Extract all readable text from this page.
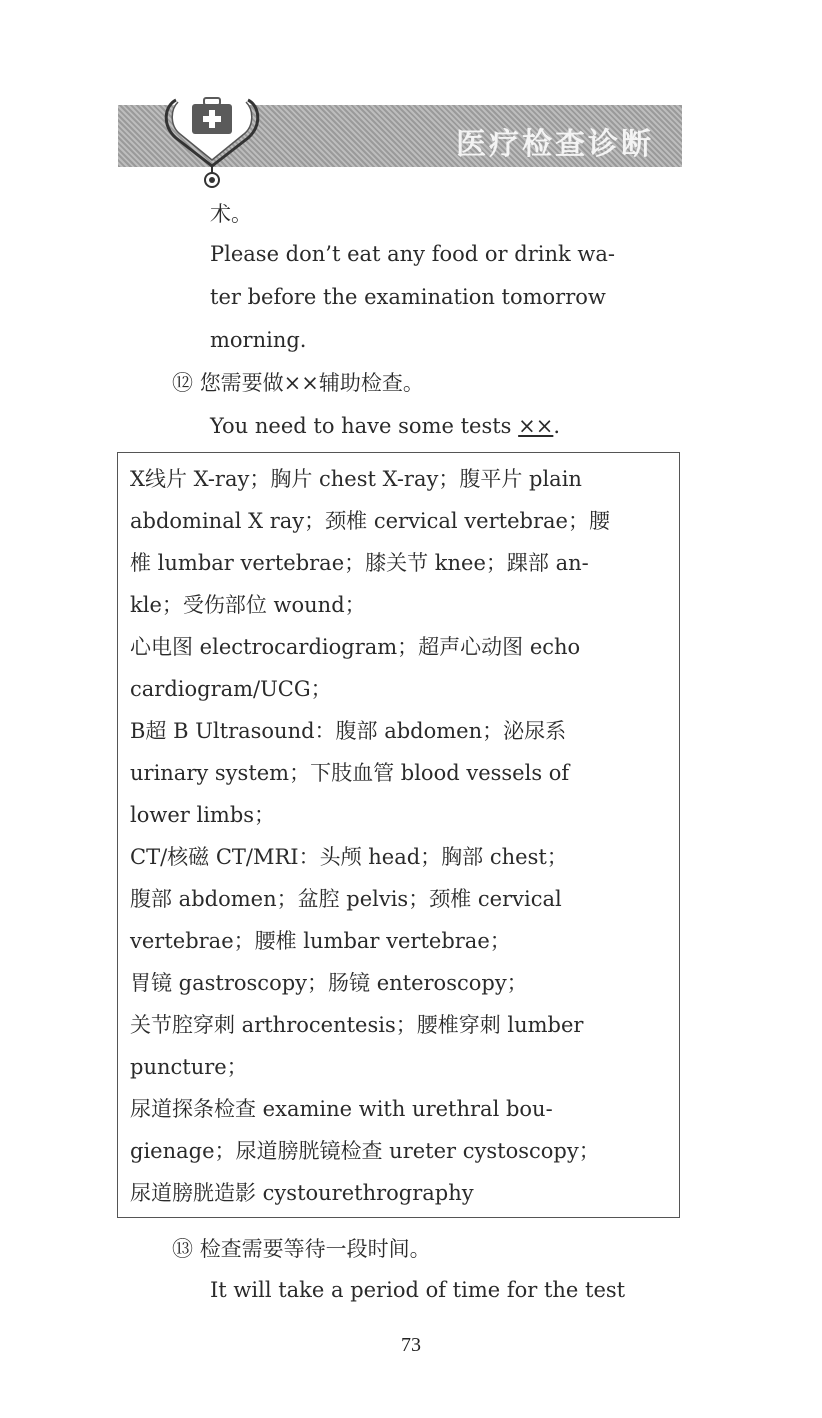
医疗检查诊断
术。
Please don’t eat any food or drink wa-
ter before the examination tomorrow
morning.
⑫ 您需要做××辅助检查。
You need to have some tests ××.
X线片 X-ray；胸片 chest X-ray；腹平片 plain
abdominal X ray；颈椎 cervical vertebrae；腰
椎 lumbar vertebrae；膝关节 knee；踝部 an-
kle；受伤部位 wound；
心电图 electrocardiogram；超声心动图 echo
cardiogram/UCG；
B超 B Ultrasound：腹部 abdomen；泌尿系
urinary system；下肢血管 blood vessels of
lower limbs；
CT/核磁 CT/MRI：头颅 head；胸部 chest；
腹部 abdomen；盆腔 pelvis；颈椎 cervical
vertebrae；腰椎 lumbar vertebrae；
胃镜 gastroscopy；肠镜 enteroscopy；
关节腔穿刺 arthrocentesis；腰椎穿刺 lumber
puncture；
尿道探条检查 examine with urethral bou-
gienage；尿道膀胱镜检查 ureter cystoscopy；
尿道膀胱造影 cystourethrography
⑬ 检查需要等待一段时间。
It will take a period of time for the test
73
